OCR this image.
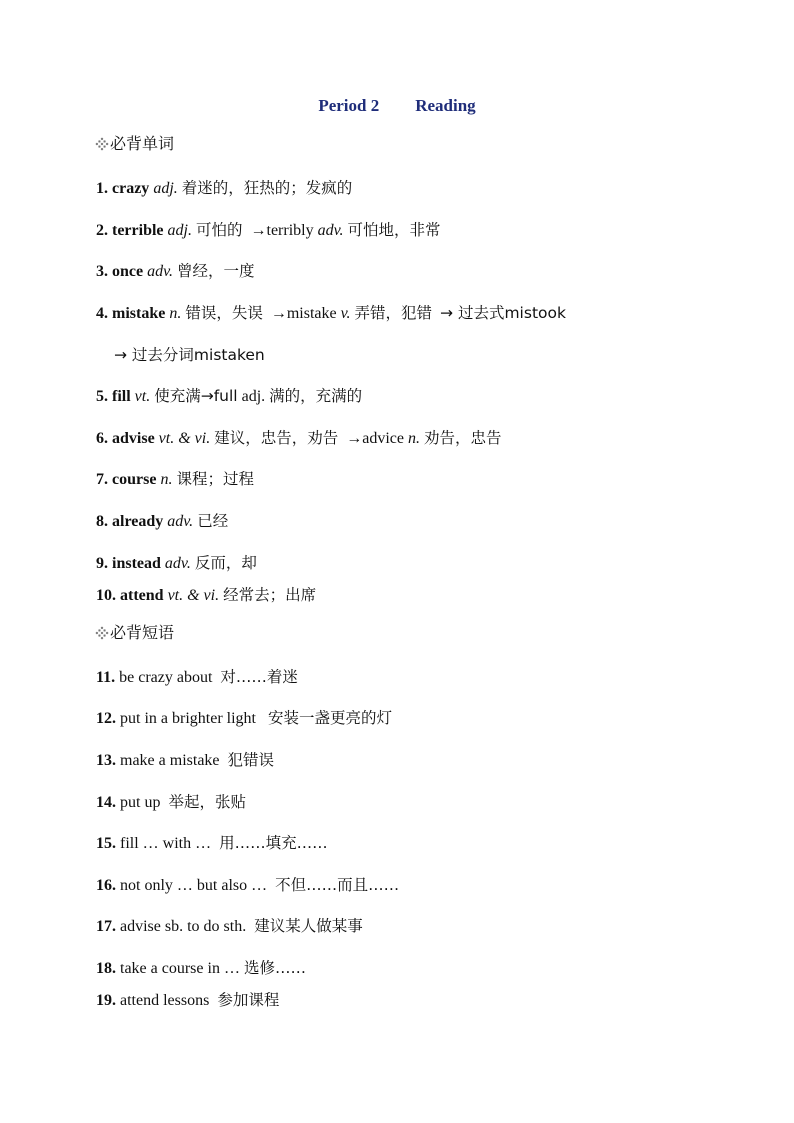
Period 2 Reading
必背单词
1. crazy adj. 着迷的，狂热的；发疯的
2. terrible adj. 可怕的 →terribly adv. 可怕地，非常
3. once adv. 曾经，一度
4. mistake n. 错误，失误 →mistake v. 弄错，犯错 → 过去式mistook
→ 过去分词mistaken
5. fill vt. 使充满→full adj. 满的，充满的
6. advise vt. & vi. 建议，忠告，劝告 →advice n. 劝告，忠告
7. course n. 课程；过程
8. already adv. 已经
9. instead adv. 反而，却
10. attend vt. & vi. 经常去；出席
必背短语
11. be crazy about 对……着迷
12. put in a brighter light 安装一盏更亮的灯
13. make a mistake 犯错误
14. put up 举起，张贴
15. fill … with … 用……填充……
16. not only … but also … 不但……而且……
17. advise sb. to do sth. 建议某人做某事
18. take a course in … 选修……
19. attend lessons 参加课程
